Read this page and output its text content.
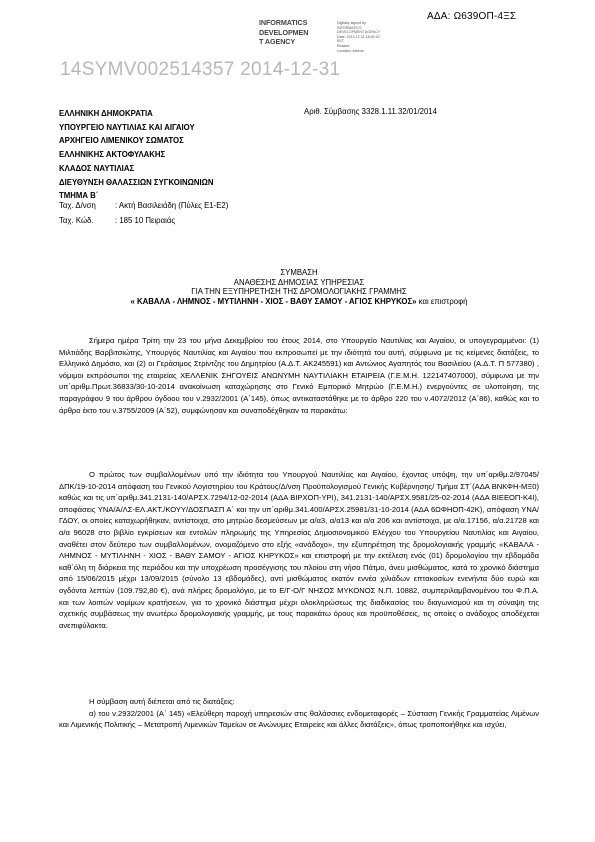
ΑΔΑ: Ω639ΟΠ-4ΞΣ
INFORMATICS
DEVELOPMEN
T AGENCY
Digitally signed by
INFORMATICS
DEVELOPMENT AGENCY
Date: 2014.12.31 18:40:42
EET
Reason:
Location: Athens
14SYMV002514357 2014-12-31
ΕΛΛΗΝΙΚΗ ΔΗΜΟΚΡΑΤΙΑ
ΥΠΟΥΡΓΕΙΟ ΝΑΥΤΙΛΙΑΣ ΚΑΙ ΑΙΓΑΙΟΥ
ΑΡΧΗΓΕΙΟ ΛΙΜΕΝΙΚΟΥ ΣΩΜΑΤΟΣ
ΕΛΛΗΝΙΚΗΣ ΑΚΤΟΦΥΛΑΚΗΣ
ΚΛΑΔΟΣ ΝΑΥΤΙΛΙΑΣ
ΔΙΕΥΘΥΝΣΗ ΘΑΛΑΣΣΙΩΝ ΣΥΓΚΟΙΝΩΝΙΩΝ
ΤΜΗΜΑ Β΄
Αριθ. Σύμβασης 3328.1.11.32/01/2014
Ταχ. Δ/νση	: Ακτή Βασιλειάδη (Πύλες Ε1-Ε2)
Ταχ. Κώδ.	: 185 10 Πειραιάς
ΣΥΜΒΑΣΗ
ΑΝΑΘΕΣΗΣ ΔΗΜΟΣΙΑΣ ΥΠΗΡΕΣΙΑΣ
ΓΙΑ ΤΗΝ ΕΞΥΠΗΡΕΤΗΣΗ ΤΗΣ ΔΡΟΜΟΛΟΓΙΑΚΗΣ ΓΡΑΜΜΗΣ
« ΚΑΒΑΛΑ - ΛΗΜΝΟΣ - ΜΥΤΙΛΗΝΗ - ΧΙΟΣ - ΒΑΘΥ ΣΑΜΟΥ - ΑΓΙΟΣ ΚΗΡΥΚΟΣ» και επιστροφή

Σήμερα ημέρα Τρίτη την 23 του μήνα Δεκεμβρίου του έτους 2014, στο Υπουργείο Ναυτιλίας και Αιγαίου, οι υπογεγραμμένοι: (1) Μιλτιάδης Βαρβιτσιώτης, Υπουργός Ναυτιλίας και Αιγαίου που εκπροσωπεί με την ιδιότητά του αυτή, σύμφωνα με τις κείμενες διατάξεις, το Ελληνικό Δημόσιο, και (2) οι Γεράσιμος Στρίντζης του Δημητρίου (Α.Δ.Τ. ΑΚ245591) και Αντώνιος Αγαπητός του Βασιλείου (Α.Δ.Τ. Π 577380) , νόμιμοι εκπρόσωποι της εταιρείας ΧΕΛΛΕΝΙΚ ΣΗΓΟΥΕΙΣ ΑΝΩΝΥΜΗ ΝΑΥΤΙΛΙΑΚΗ ΕΤΑΙΡΕΙΑ (Γ.Ε.Μ.Η. 122147407000), σύμφωνα με την υπ΄αριθμ.Πρωτ.36833/30-10-2014 ανακοίνωση καταχώρησης στο Γενικό Εμπορικό Μητρώο (Γ.Ε.Μ.Η.) ενεργούντες σε υλοποίηση, της παραγράφου 9 του άρθρου όγδοου του ν.2932/2001 (Α΄145), όπως αντικαταστάθηκε με το άρθρο 220 του ν.4072/2012 (Α΄86), καθώς και το άρθρο έκτο του ν.3755/2009 (Α΄52), συμφώνησαν και συναποδέχθηκαν τα παρακάτω:

Ο πρώτος των συμβαλλομένων υπό την ιδιότητα του Υπουργού Ναυτιλίας και Αιγαίου, έχοντας υπόψη, την υπ΄αριθμ.2/97045/ΔΠΚ/19-10-2014 απόφαση του Γενικού Λογιστηρίου του Κράτους/Δ/νση Προϋπολογισμού Γενικής Κυβέρνησης/ Τμήμα ΣΤ΄(ΑΔΑ ΒΝΚΦΗ-ΜΞ0) καθώς και τις υπ΄αριθμ.341.2131-140/ΑΡΣΧ.7294/12-02-2014 (ΑΔΑ ΒΙΡΧΟΠ-ΥΡΙ), 341.2131-140/ΑΡΣΧ.9581/25-02-2014 (ΑΔΑ ΒΙΕΕΟΠ-Κ4Ι), αποφάσεις ΥΝΑ/Α/ΛΣ-ΕΛ.ΑΚΤ./ΚΟΥΥ/ΔΟΣΠΑΣΠ Α΄ και την υπ΄αριθμ.341.400/ΑΡΣΧ.25981/31-10-2014 (ΑΔΑ 6ΩΦΗΟΠ-42Κ), απόφαση ΥΝΑ/ΓΔΟΥ, οι οποίες καταχωρήθηκαν, αντίστοιχα, στο μητρώο δεσμεύσεων με α/α3, α/α13 και α/α 206 και αντίστοιχα, με α/α.17156, α/α.21728 και α/α 96028 στο βιβλίο εγκρίσεων και εντολών πληρωμής της Υπηρεσίας Δημοσιονομικού Ελέγχου του Υπουργείου Ναυτιλίας και Αιγαίου, αναθέτει στον δεύτερο των συμβαλλομένων, ονομαζόμενο στο εξής «ανάδοχο», την εξυπηρέτηση της δρομολογιακής γραμμής «ΚΑΒΑΛΑ - ΛΗΜΝΟΣ - ΜΥΤΙΛΗΝΗ - ΧΙΟΣ - ΒΑΘΥ ΣΑΜΟΥ - ΑΓΙΟΣ ΚΗΡΥΚΟΣ» και επιστροφή με την εκτέλεση ενός (01) δρομολογίου την εβδομάδα καθ΄όλη τη διάρκεια της περιόδου και την υποχρέωση προσέγγισης του πλοίου στη νήσο Πάτμο, άνευ μισθώματος, κατά το χρονικό διάστημα από 15/06/2015 μέχρι 13/09/2015 (σύνολο 13 εβδομάδες), αντί μισθώματος εκατόν εννέα χιλιάδων επτακοσίων ενενήντα δύο ευρώ και ογδόντα λεπτών (109.792,80 €), ανά πλήρες δρομολόγιο, με το Ε/Γ-Ο/Γ ΝΗΣΟΣ ΜΥΚΟΝΟΣ Ν.Π. 10882, συμπεριλαμβανομένου του Φ.Π.Α. και των λοιπών νομίμων κρατήσεων, για το χρονικό διάστημα μέχρι ολοκληρώσεως της διαδικασίας του διαγωνισμού και τη σύναψη της σχετικής συμβάσεως την ανωτέρω δρομολογιακής γραμμής, με τους παρακάτω όρους και προϋποθέσεις, τις οποίες ο ανάδοχος αποδέχεται ανεπιφύλακτα.

Η σύμβαση αυτή διέπεται από τις διατάξεις:

α) του ν.2932/2001 (Α΄ 145) «Ελεύθερη παροχή υπηρεσιών στις θαλάσσιες ενδομεταφορές – Σύσταση Γενικής Γραμματείας Λιμένων και Λιμενικής Πολιτικής – Μετατροπή Λιμενικών Ταμείων σε Ανώνυμες Εταιρείες και άλλες διατάξεις», όπως τροποποιήθηκε και ισχύει,
